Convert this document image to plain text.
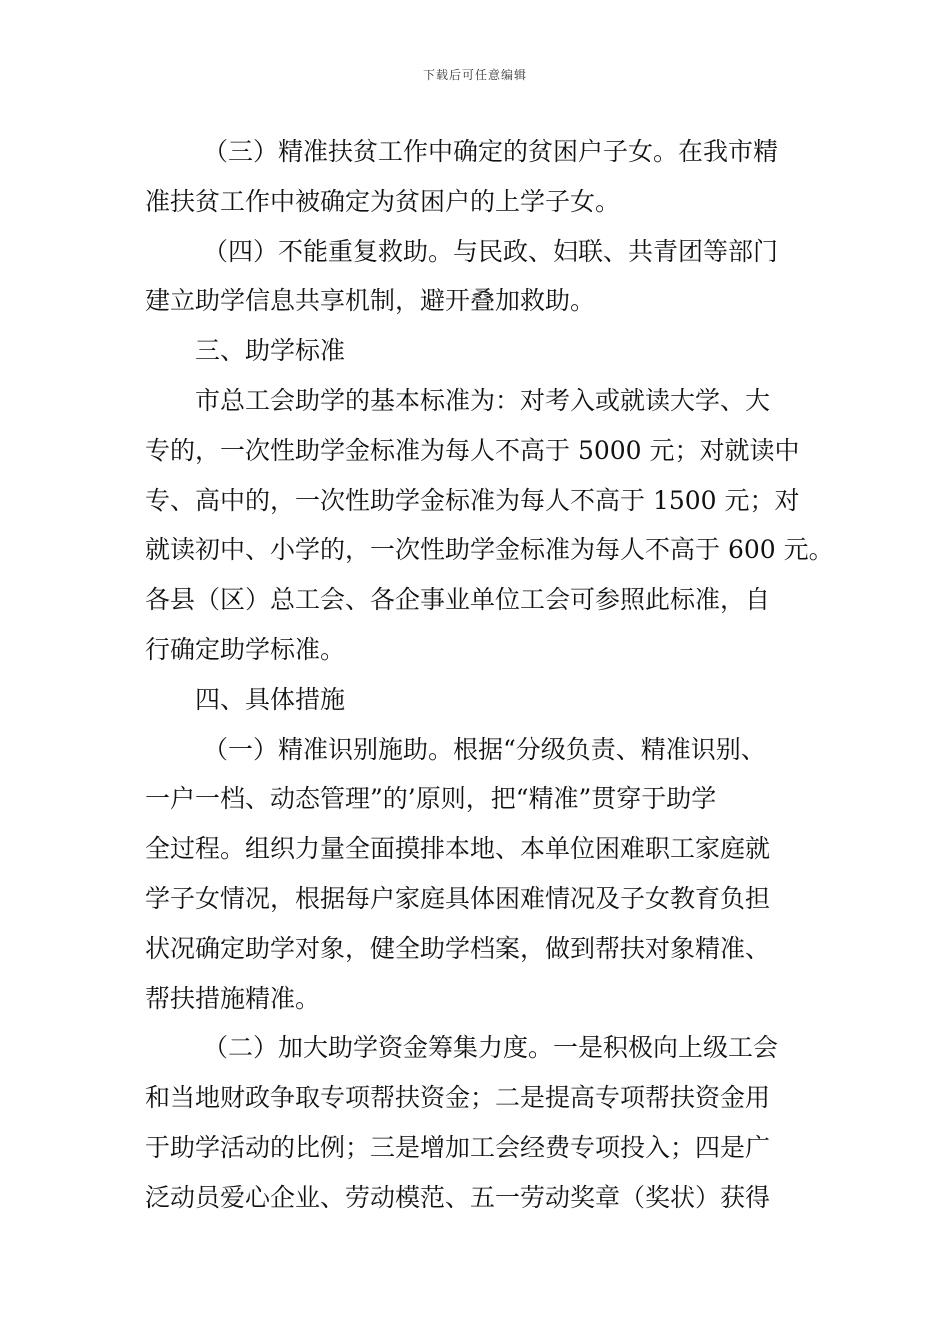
下载后可任意编辑
（三）精准扶贫工作中确定的贫困户子女。在我市精
准扶贫工作中被确定为贫困户的上学子女。
（四）不能重复救助。与民政、妇联、共青团等部门
建立助学信息共享机制，避开叠加救助。
三、助学标准
市总工会助学的基本标准为：对考入或就读大学、大
专的，一次性助学金标准为每人不高于 5000 元；对就读中
专、高中的，一次性助学金标准为每人不高于 1500 元；对
就读初中、小学的，一次性助学金标准为每人不高于 600 元。
各县（区）总工会、各企事业单位工会可参照此标准，自
行确定助学标准。
四、具体措施
（一）精准识别施助。根据“分级负责、精准识别、
一户一档、动态管理”的’原则，把“精准”贯穿于助学
全过程。组织力量全面摸排本地、本单位困难职工家庭就
学子女情况，根据每户家庭具体困难情况及子女教育负担
状况确定助学对象，健全助学档案，做到帮扶对象精准、
帮扶措施精准。
（二）加大助学资金筹集力度。一是积极向上级工会
和当地财政争取专项帮扶资金；二是提高专项帮扶资金用
于助学活动的比例；三是增加工会经费专项投入；四是广
泛动员爱心企业、劳动模范、五一劳动奖章（奖状）获得
